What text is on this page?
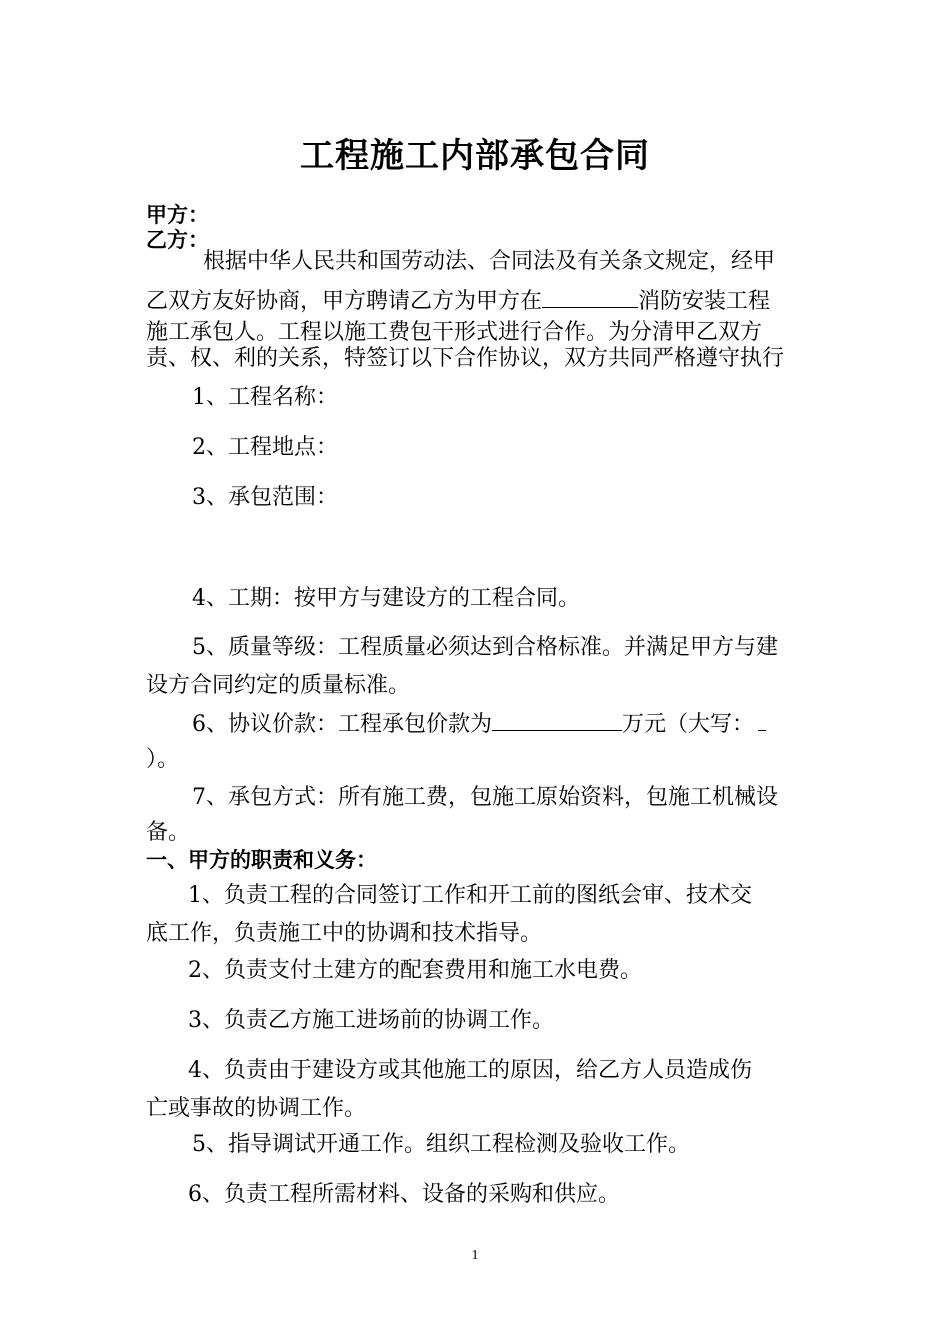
工程施工内部承包合同
甲方：
乙方：
根据中华人民共和国劳动法、合同法及有关条文规定，经甲
乙双方友好协商，甲方聘请乙方为甲方在	消防安装工程
施工承包人。工程以施工费包干形式进行合作。为分清甲乙双方
责、权、利的关系，特签订以下合作协议，双方共同严格遵守执行
1、工程名称：
2、工程地点：
3、承包范围：
4、工期：按甲方与建设方的工程合同。
5、质量等级：工程质量必须达到合格标准。并满足甲方与建
设方合同约定的质量标准。
6、协议价款：工程承包价款为	万元（大写：
）。
7、承包方式：所有施工费，包施工原始资料，包施工机械设
备。
一、甲方的职责和义务：
1、负责工程的合同签订工作和开工前的图纸会审、技术交
底工作，负责施工中的协调和技术指导。
2、负责支付土建方的配套费用和施工水电费。
3、负责乙方施工进场前的协调工作。
4、负责由于建设方或其他施工的原因，给乙方人员造成伤
亡或事故的协调工作。
5、指导调试开通工作。组织工程检测及验收工作。
6、负责工程所需材料、设备的采购和供应。
1
